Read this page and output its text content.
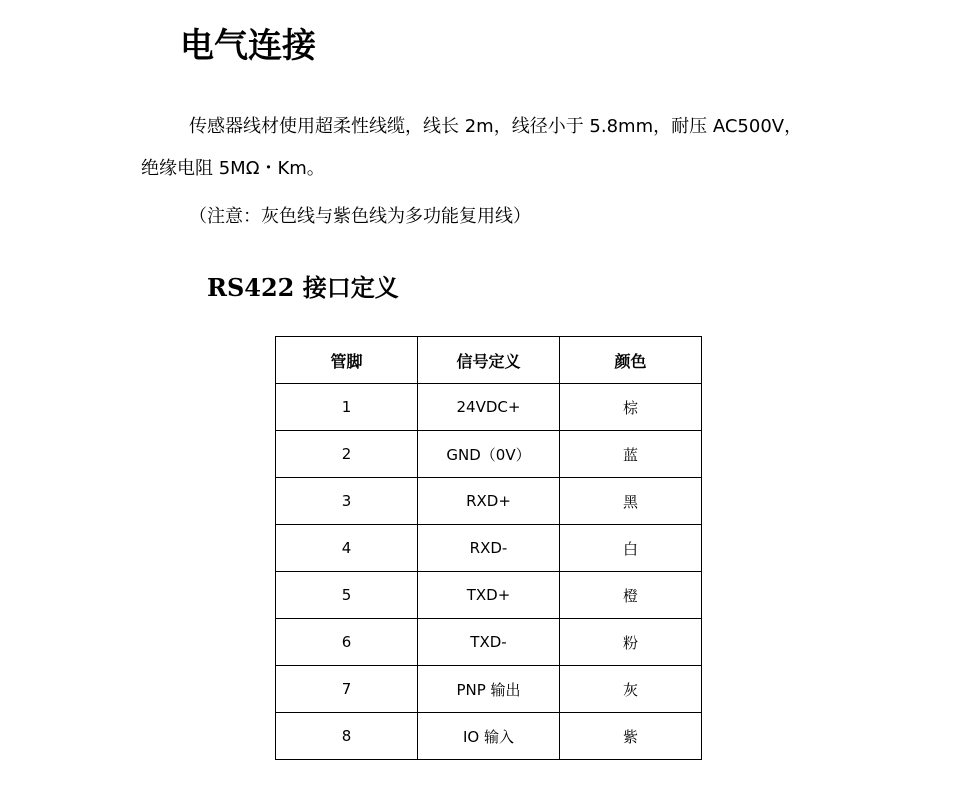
电气连接

传感器线材使用超柔性线缆，线长 2m，线径小于 5.8mm，耐压 AC500V，

绝缘电阻 5MΩ・Km。

（注意：灰色线与紫色线为多功能复用线）

RS422 接口定义
管脚	信号定义	颜色
1	24VDC+	棕
2	GND（0V）	蓝
3	RXD+	黑
4	RXD-	白
5	TXD+	橙
6	TXD-	粉
7	PNP 输出	灰
8	IO 输入	紫
